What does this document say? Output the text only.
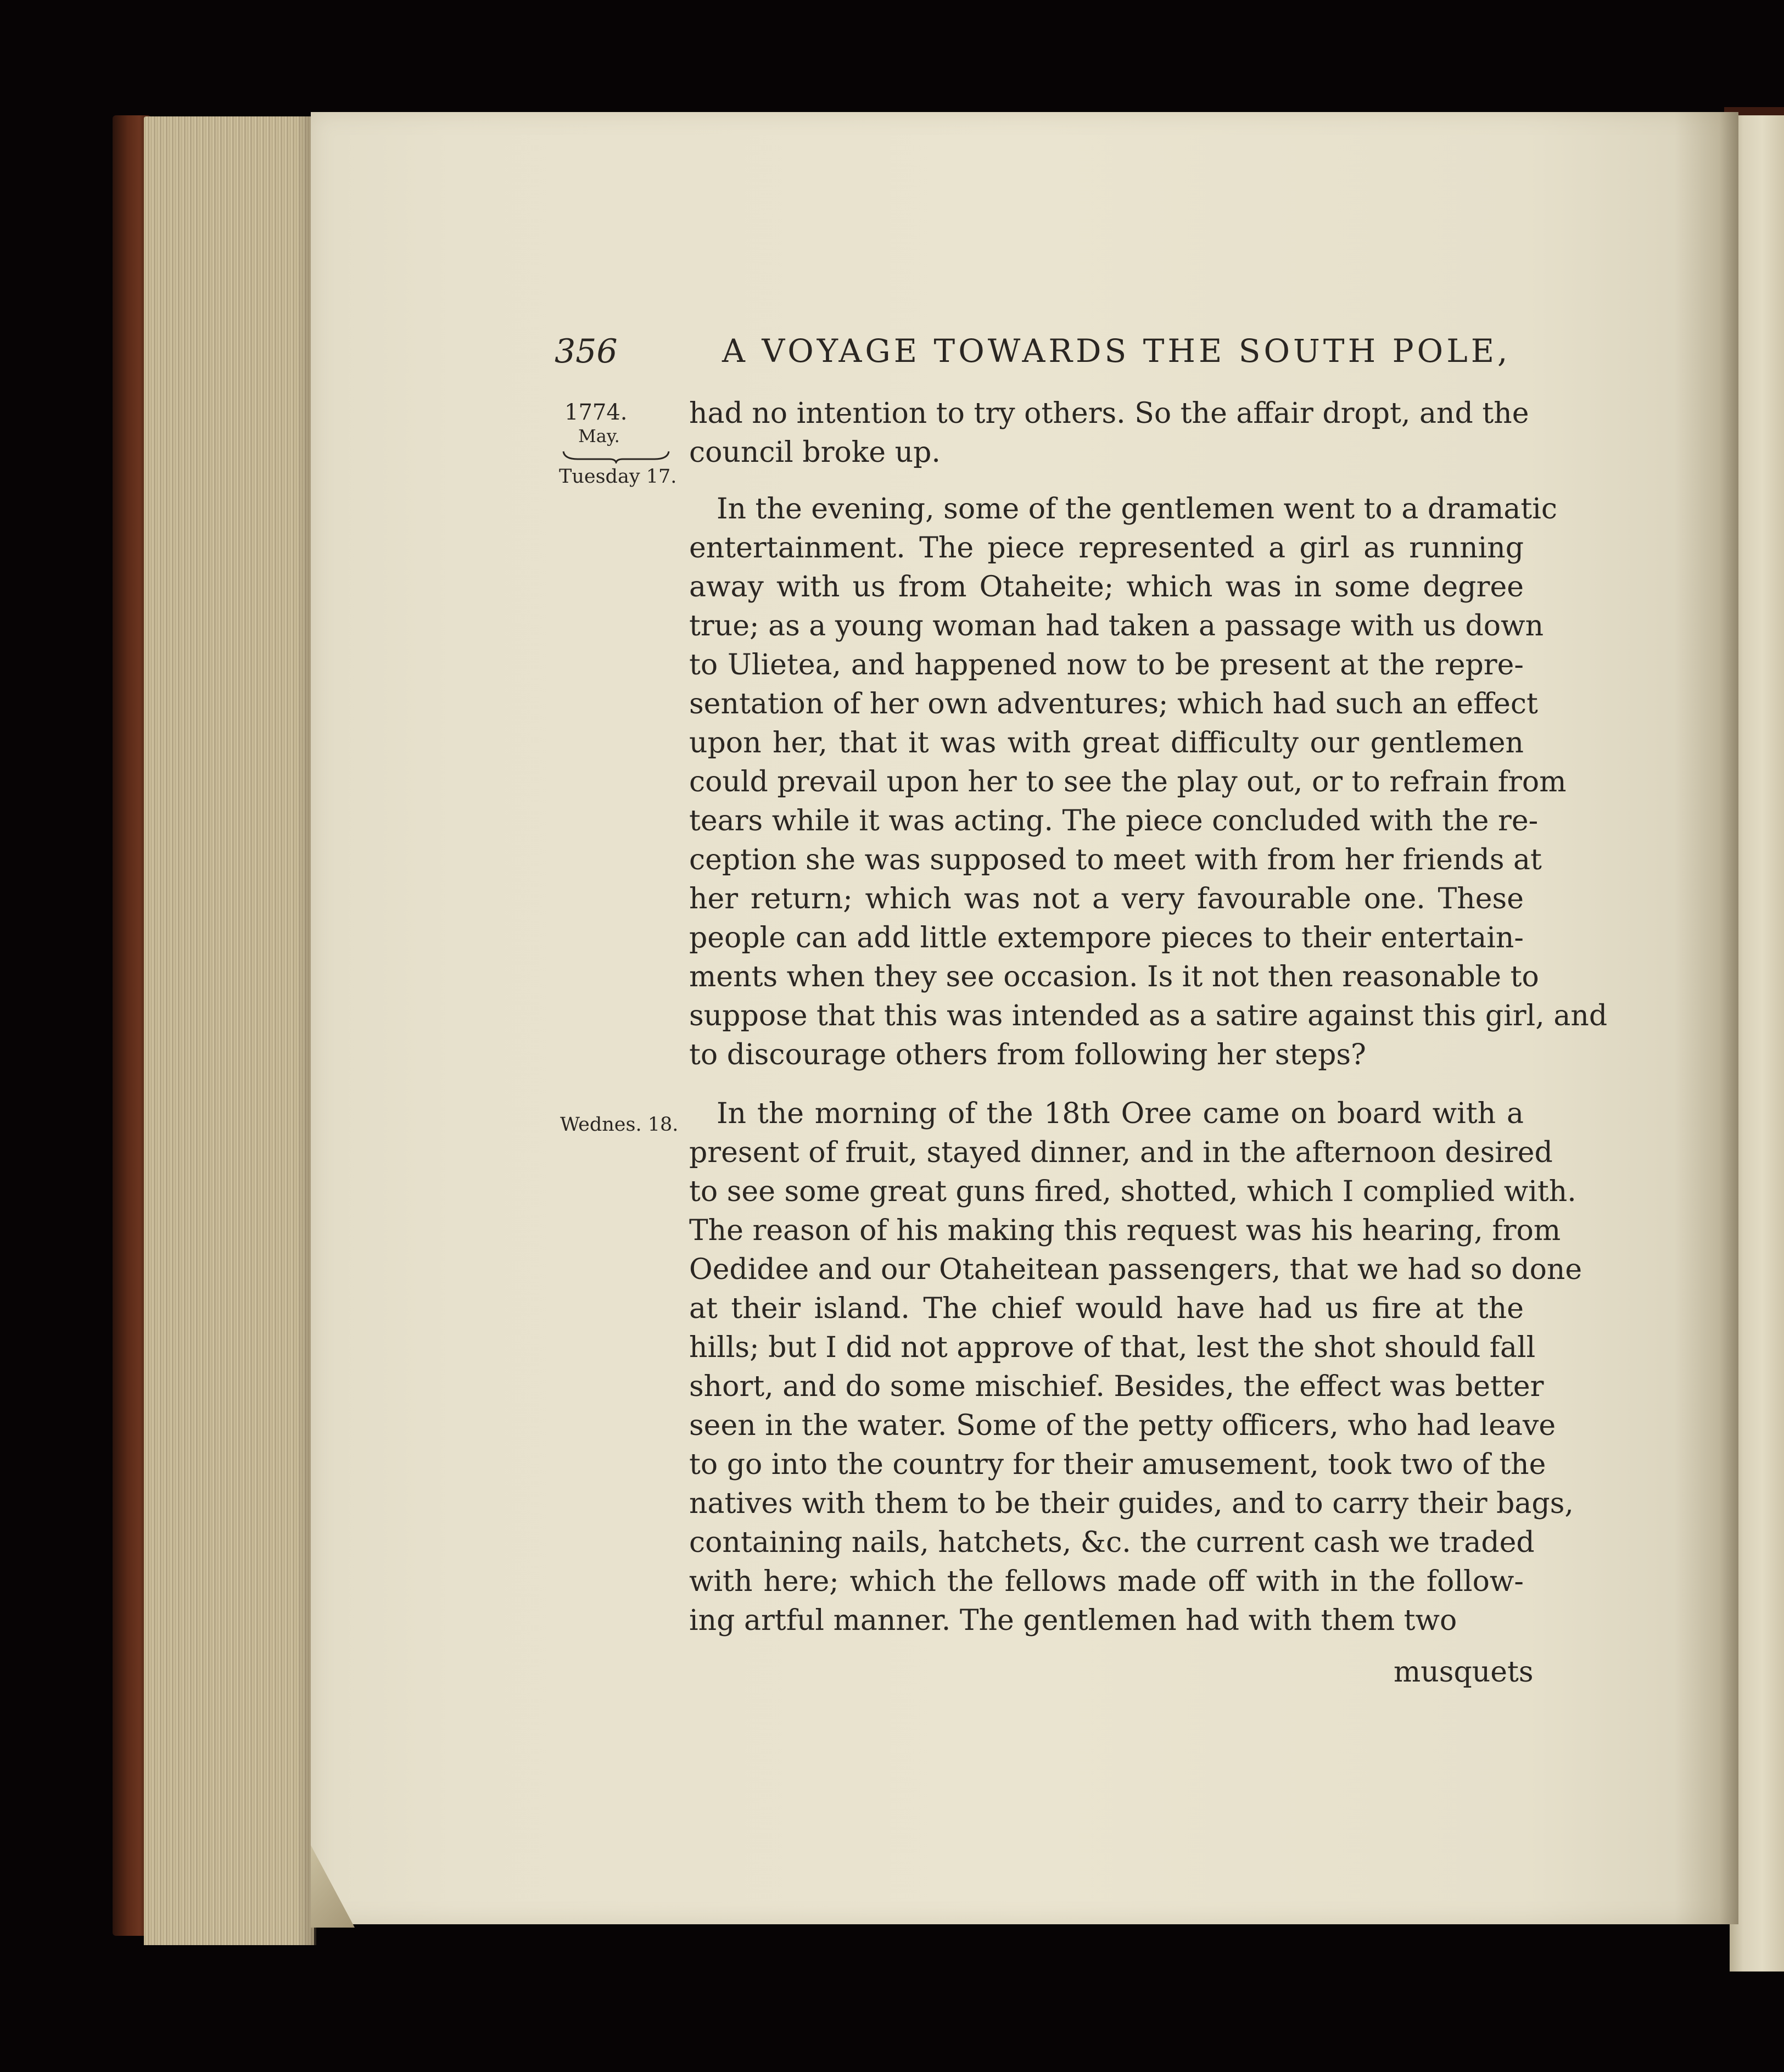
356	A VOYAGE TOWARDS THE SOUTH POLE,
1774.
May.
Tuesday 17.
Wednes. 18.
had no intention to try others. So the affair dropt, and the
council broke up.
In the evening, some of the gentlemen went to a dramatic
entertainment. The piece represented a girl as running
away with us from Otaheite; which was in some degree
true; as a young woman had taken a passage with us down
to Ulietea, and happened now to be present at the repre-
sentation of her own adventures; which had such an effect
upon her, that it was with great difficulty our gentlemen
could prevail upon her to see the play out, or to refrain from
tears while it was acting. The piece concluded with the re-
ception she was supposed to meet with from her friends at
her return; which was not a very favourable one. These
people can add little extempore pieces to their entertain-
ments when they see occasion. Is it not then reasonable to
suppose that this was intended as a satire against this girl, and
to discourage others from following her steps?
In the morning of the 18th Oree came on board with a
present of fruit, stayed dinner, and in the afternoon desired
to see some great guns fired, shotted, which I complied with.
The reason of his making this request was his hearing, from
Oedidee and our Otaheitean passengers, that we had so done
at their island. The chief would have had us fire at the
hills; but I did not approve of that, lest the shot should fall
short, and do some mischief. Besides, the effect was better
seen in the water. Some of the petty officers, who had leave
to go into the country for their amusement, took two of the
natives with them to be their guides, and to carry their bags,
containing nails, hatchets, &c. the current cash we traded
with here; which the fellows made off with in the follow-
ing artful manner. The gentlemen had with them two
musquets
